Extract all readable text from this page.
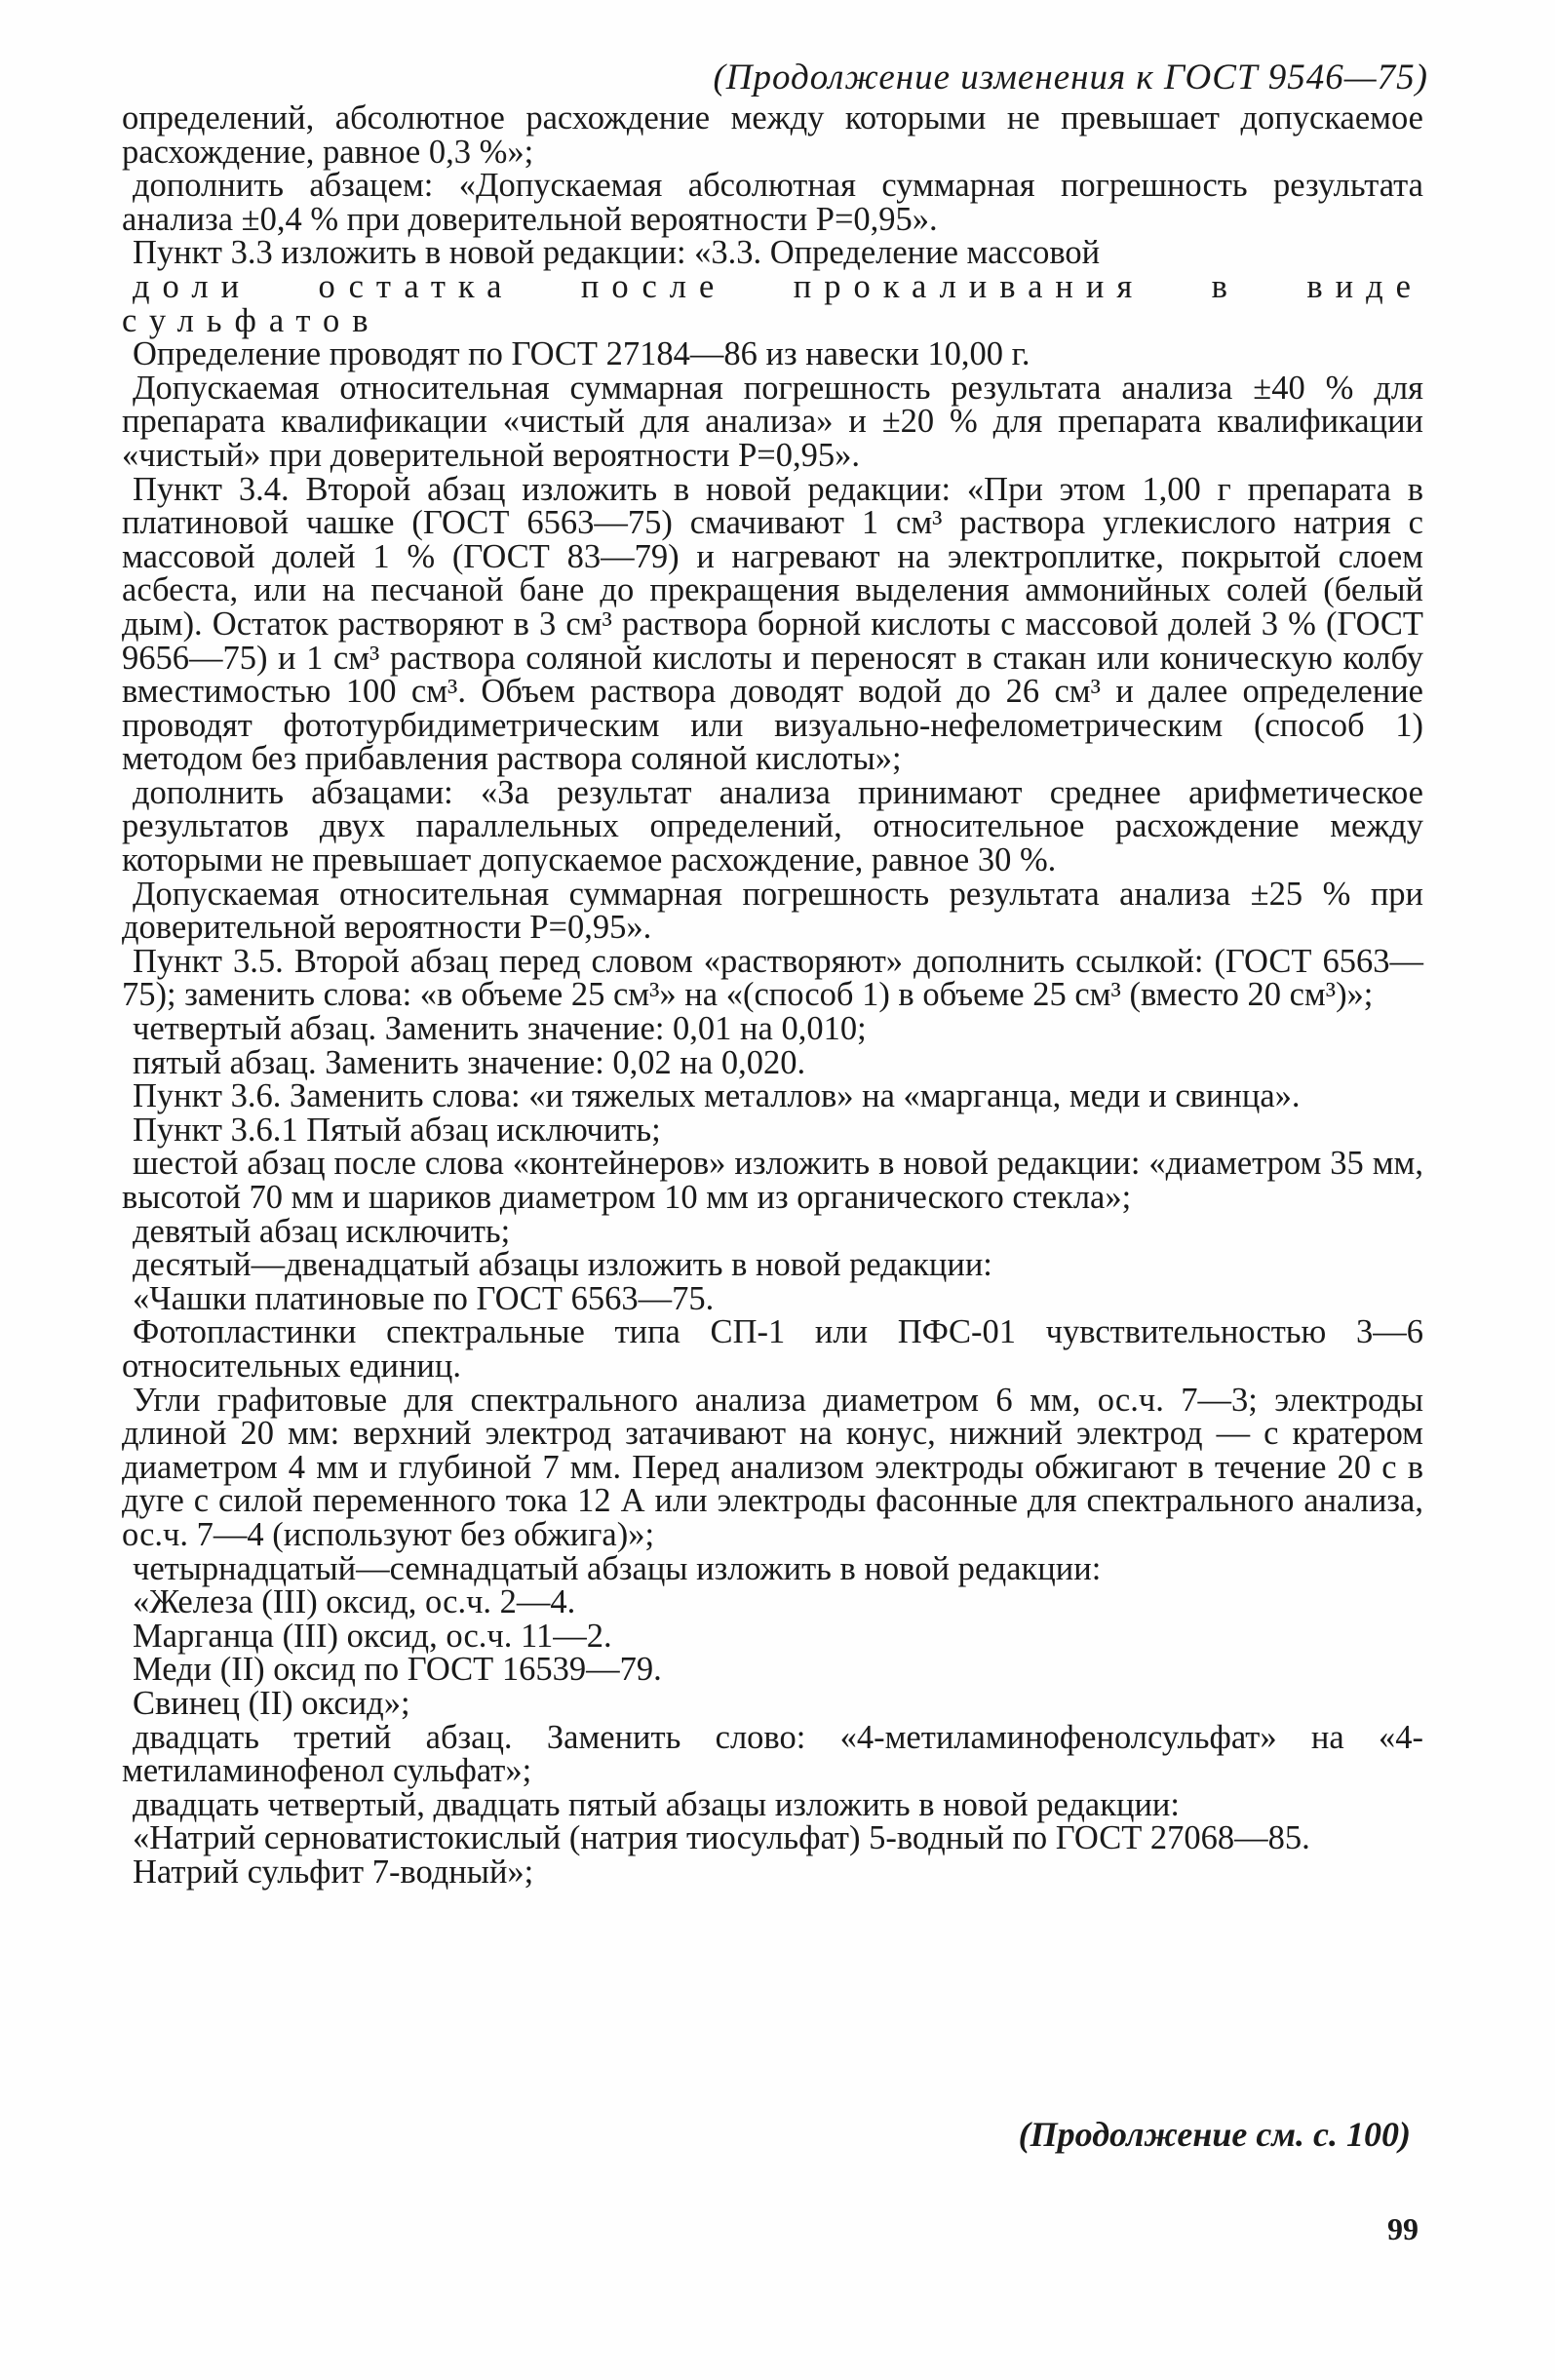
(Продолжение изменения к ГОСТ 9546—75)

определений, абсолютное расхождение между которыми не превышает допускаемое расхождение, равное 0,3 %»;

дополнить абзацем: «Допускаемая абсолютная суммарная погрешность результата анализа ±0,4 % при доверительной вероятности P=0,95».

Пункт 3.3 изложить в новой редакции: «3.3. Определение массовой

доли остатка после прокаливания в виде сульфатов

Определение проводят по ГОСТ 27184—86 из навески 10,00 г.

Допускаемая относительная суммарная погрешность результата анализа ±40 % для препарата квалификации «чистый для анализа» и ±20 % для препарата квалификации «чистый» при доверительной вероятности P=0,95».

Пункт 3.4. Второй абзац изложить в новой редакции: «При этом 1,00 г препарата в платиновой чашке (ГОСТ 6563—75) смачивают 1 см³ раствора углекислого натрия с массовой долей 1 % (ГОСТ 83—79) и нагревают на электроплитке, покрытой слоем асбеста, или на песчаной бане до прекращения выделения аммонийных солей (белый дым). Остаток растворяют в 3 см³ раствора борной кислоты с массовой долей 3 % (ГОСТ 9656—75) и 1 см³ раствора соляной кислоты и переносят в стакан или коническую колбу вместимостью 100 см³. Объем раствора доводят водой до 26 см³ и далее определение проводят фототурбидиметрическим или визуально-нефелометрическим (способ 1) методом без прибавления раствора соляной кислоты»;

дополнить абзацами: «За результат анализа принимают среднее арифметическое результатов двух параллельных определений, относительное расхождение между которыми не превышает допускаемое расхождение, равное 30 %.

Допускаемая относительная суммарная погрешность результата анализа ±25 % при доверительной вероятности P=0,95».

Пункт 3.5. Второй абзац перед словом «растворяют» дополнить ссылкой: (ГОСТ 6563—75); заменить слова: «в объеме 25 см³» на «(способ 1) в объеме 25 см³ (вместо 20 см³)»;

четвертый абзац. Заменить значение: 0,01 на 0,010;

пятый абзац. Заменить значение: 0,02 на 0,020.

Пункт 3.6. Заменить слова: «и тяжелых металлов» на «марганца, меди и свинца».

Пункт 3.6.1 Пятый абзац исключить;

шестой абзац после слова «контейнеров» изложить в новой редакции: «диаметром 35 мм, высотой 70 мм и шариков диаметром 10 мм из органического стекла»;

девятый абзац исключить;

десятый—двенадцатый абзацы изложить в новой редакции:

«Чашки платиновые по ГОСТ 6563—75.

Фотопластинки спектральные типа СП-1 или ПФС-01 чувствительностью 3—6 относительных единиц.

Угли графитовые для спектрального анализа диаметром 6 мм, ос.ч. 7—3; электроды длиной 20 мм: верхний электрод затачивают на конус, нижний электрод — с кратером диаметром 4 мм и глубиной 7 мм. Перед анализом электроды обжигают в течение 20 с в дуге с силой переменного тока 12 А или электроды фасонные для спектрального анализа, ос.ч. 7—4 (используют без обжига)»;

четырнадцатый—семнадцатый абзацы изложить в новой редакции:

«Железа (III) оксид, ос.ч. 2—4.

Марганца (III) оксид, ос.ч. 11—2.

Меди (II) оксид по ГОСТ 16539—79.

Свинец (II) оксид»;

двадцать третий абзац. Заменить слово: «4-метиламинофенолсульфат» на «4-метиламинофенол сульфат»;

двадцать четвертый, двадцать пятый абзацы изложить в новой редакции:

«Натрий серноватистокислый (натрия тиосульфат) 5-водный по ГОСТ 27068—85.

Натрий сульфит 7-водный»;

(Продолжение см. с. 100)
99
